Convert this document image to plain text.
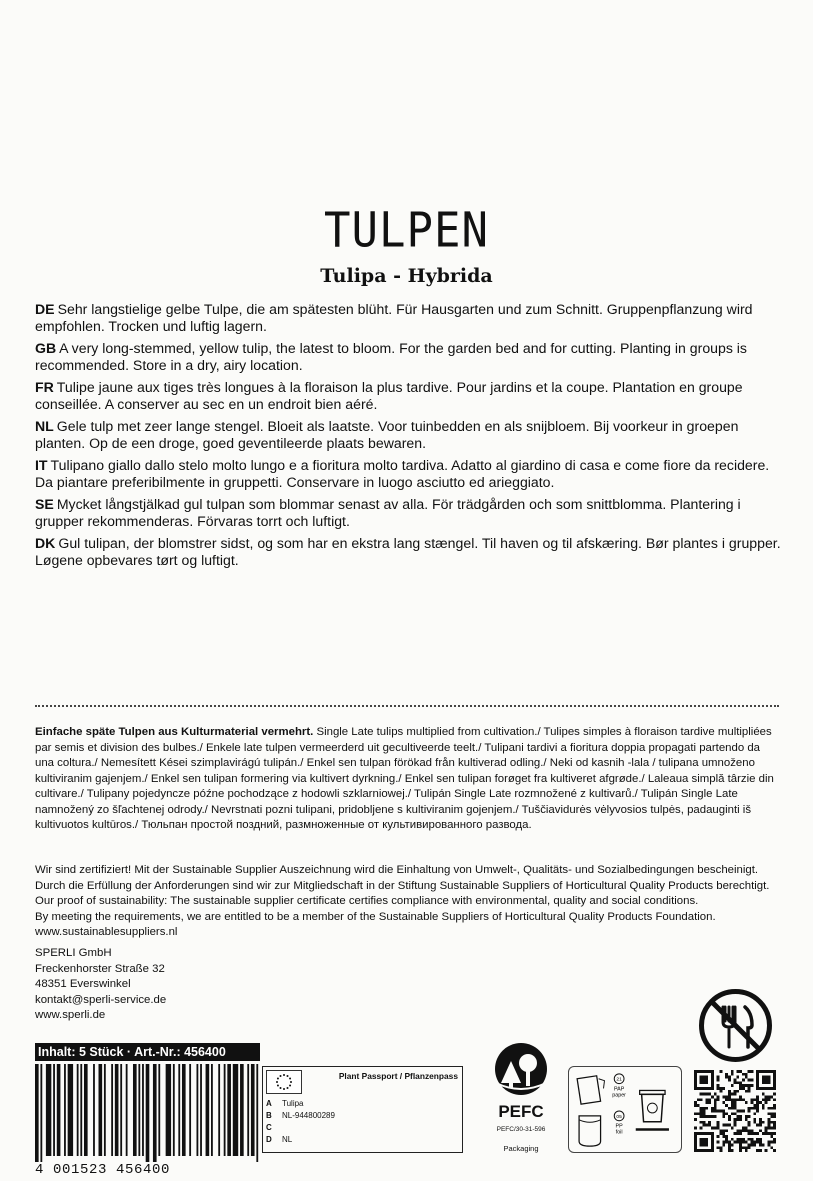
TULPEN
Tulipa - Hybrida
DE Sehr langstielige gelbe Tulpe, die am spätesten blüht. Für Hausgarten und zum Schnitt. Gruppenpflanzung wird empfohlen. Trocken und luftig lagern.
GB A very long-stemmed, yellow tulip, the latest to bloom. For the garden bed and for cutting. Planting in groups is recommended. Store in a dry, airy location.
FR Tulipe jaune aux tiges très longues à la floraison la plus tardive. Pour jardins et la coupe. Plantation en groupe conseillée. A conserver au sec en un endroit bien aéré.
NL Gele tulp met zeer lange stengel. Bloeit als laatste. Voor tuinbedden en als snijbloem. Bij voorkeur in groepen planten. Op de een droge, goed geventileerde plaats bewaren.
IT Tulipano giallo dallo stelo molto lungo e a fioritura molto tardiva. Adatto al giardino di casa e come fiore da recidere. Da piantare preferibilmente in gruppetti. Conservare in luogo asciutto ed arieggiato.
SE Mycket långstjälkad gul tulpan som blommar senast av alla. För trädgården och som snittblomma. Plantering i grupper rekommenderas. Förvaras torrt och luftigt.
DK Gul tulipan, der blomstrer sidst, og som har en ekstra lang stængel. Til haven og til afskæring. Bør plantes i grupper. Løgene opbevares tørt og luftigt.
Einfache späte Tulpen aus Kulturmaterial vermehrt. Single Late tulips multiplied from cultivation./ Tulipes simples à floraison tardive multipliées par semis et division des bulbes./ Enkele late tulpen vermeerderd uit gecultiveerde teelt./ Tulipani tardivi a fioritura doppia propagati partendo da una coltura./ Nemesített Kései szimplavirágú tulipán./ Enkel sen tulpan förökad från kultiverad odling./ Neki od kasnih -lala / tulipana umnoženo kultiviranim gajenjem./ Enkel sen tulipan formering via kultivert dyrkning./ Enkel sen tulipan forøget fra kultiveret afgrøde./ Laleaua simplă târzie din cultivare./ Tulipany pojedyncze późne pochodzące z hodowli szklarniowej./ Tulipán Single Late rozmnožené z kultivarů./ Tulipán Single Late namnožený zo šľachtenej odrody./ Nevrstnati pozni tulipani, pridobljene s kultiviranim gojenjem./ Tuščiavidurės vėlyvosios tulpės, padauginti iš kultivuotos kultūros./ Тюльпан простой поздний, размноженные от культивированного развода.
Wir sind zertifiziert! Mit der Sustainable Supplier Auszeichnung wird die Einhaltung von Umwelt-, Qualitäts- und Sozialbedingungen bescheinigt.
Durch die Erfüllung der Anforderungen sind wir zur Mitgliedschaft in der Stiftung Sustainable Suppliers of Horticultural Quality Products berechtigt.
Our proof of sustainability: The sustainable supplier certificate certifies compliance with environmental, quality and social conditions.
By meeting the requirements, we are entitled to be a member of the Sustainable Suppliers of Horticultural Quality Products Foundation.
www.sustainablesuppliers.nl
SPERLI GmbH
Freckenhorster Straße 32
48351 Everswinkel
kontakt@sperli-service.de
www.sperli.de
Inhalt: 5 Stück · Art.-Nr.: 456400
4 001523 456400
Plant Passport / Pflanzenpass
A	Tulipa
B	NL-944800289
C
D	NL
PEFC
PEFC/30-31-596
Packaging
21
PAP
paper
05
PP
foil
